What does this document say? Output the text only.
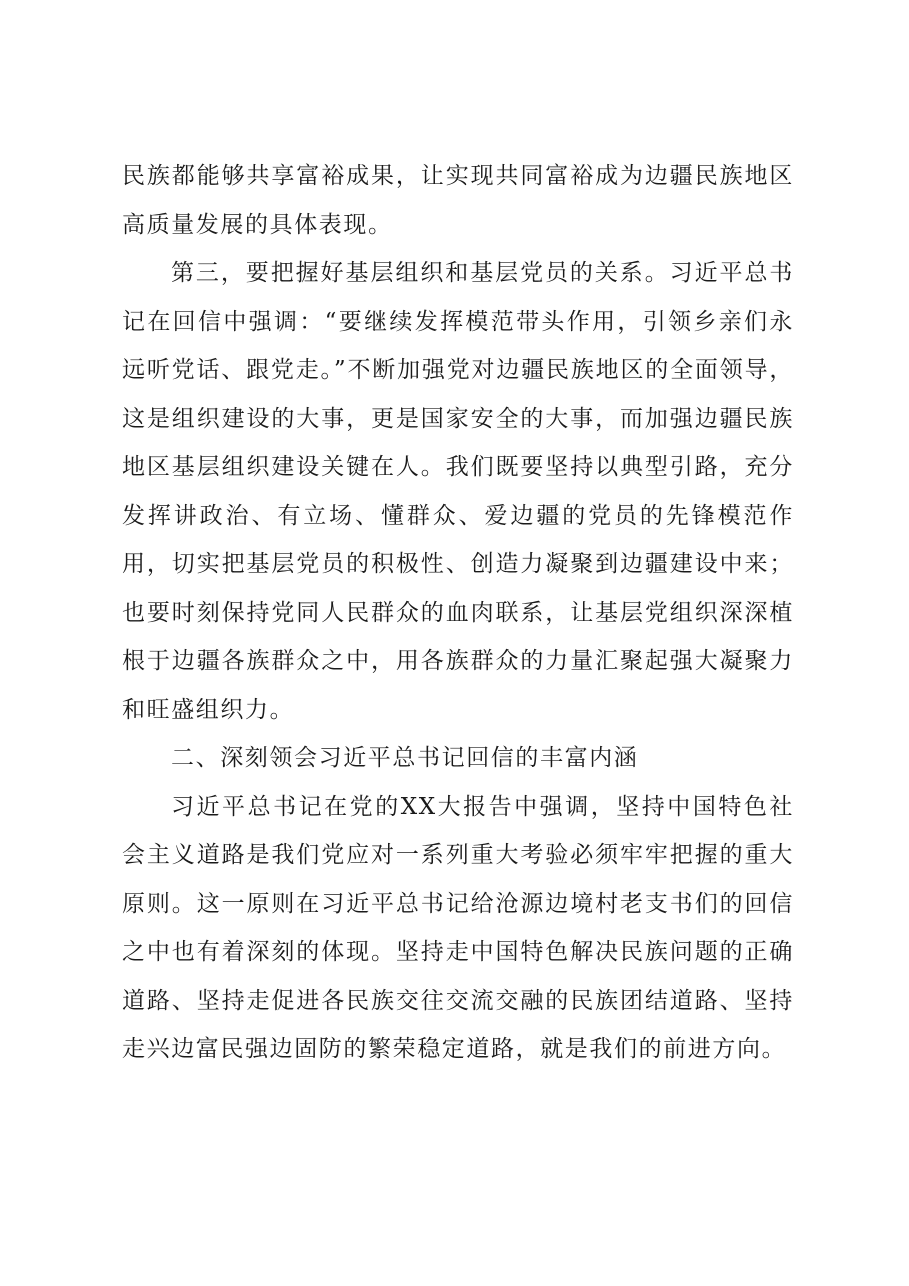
民族都能够共享富裕成果，让实现共同富裕成为边疆民族地区高质量发展的具体表现。

第三，要把握好基层组织和基层党员的关系。习近平总书记在回信中强调：“要继续发挥模范带头作用，引领乡亲们永远听党话、跟党走。”不断加强党对边疆民族地区的全面领导，这是组织建设的大事，更是国家安全的大事，而加强边疆民族地区基层组织建设关键在人。我们既要坚持以典型引路，充分发挥讲政治、有立场、懂群众、爱边疆的党员的先锋模范作用，切实把基层党员的积极性、创造力凝聚到边疆建设中来；也要时刻保持党同人民群众的血肉联系，让基层党组织深深植根于边疆各族群众之中，用各族群众的力量汇聚起强大凝聚力和旺盛组织力。

二、深刻领会习近平总书记回信的丰富内涵

习近平总书记在党的XX大报告中强调，坚持中国特色社会主义道路是我们党应对一系列重大考验必须牢牢把握的重大原则。这一原则在习近平总书记给沧源边境村老支书们的回信之中也有着深刻的体现。坚持走中国特色解决民族问题的正确道路、坚持走促进各民族交往交流交融的民族团结道路、坚持走兴边富民强边固防的繁荣稳定道路，就是我们的前进方向。
